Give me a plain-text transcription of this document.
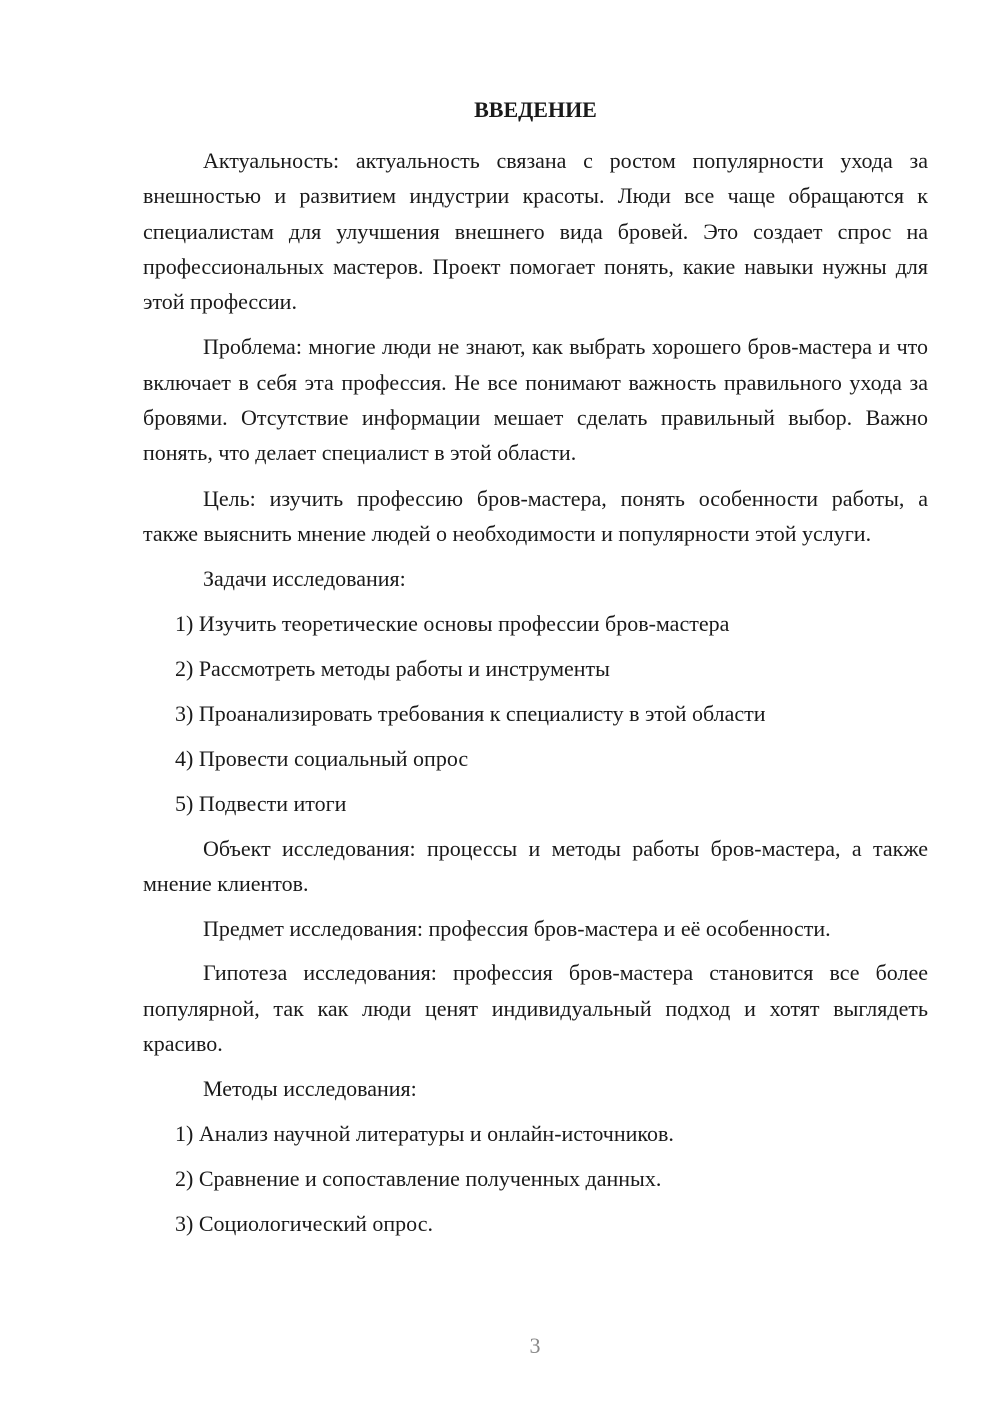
ВВЕДЕНИЕ

Актуальность: актуальность связана с ростом популярности ухода за внешностью и развитием индустрии красоты. Люди все чаще обращаются к специалистам для улучшения внешнего вида бровей. Это создает спрос на профессиональных мастеров. Проект помогает понять, какие навыки нужны для этой профессии.

Проблема: многие люди не знают, как выбрать хорошего бров-мастера и что включает в себя эта профессия. Не все понимают важность правильного ухода за бровями. Отсутствие информации мешает сделать правильный выбор. Важно понять, что делает специалист в этой области.

Цель: изучить профессию бров-мастера, понять особенности работы, а также выяснить мнение людей о необходимости и популярности этой услуги.

Задачи исследования:

1) Изучить теоретические основы профессии бров-мастера
2) Рассмотреть методы работы и инструменты
3) Проанализировать требования к специалисту в этой области
4) Провести социальный опрос
5) Подвести итоги

Объект исследования: процессы и методы работы бров-мастера, а также мнение клиентов.

Предмет исследования: профессия бров-мастера и её особенности.

Гипотеза исследования: профессия бров-мастера становится все более популярной, так как люди ценят индивидуальный подход и хотят выглядеть красиво.

Методы исследования:

1) Анализ научной литературы и онлайн-источников.
2) Сравнение и сопоставление полученных данных.
3) Социологический опрос.
3
